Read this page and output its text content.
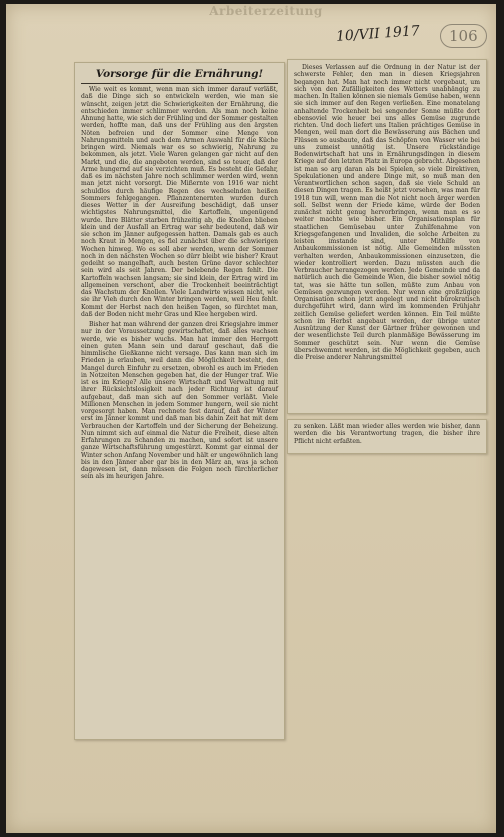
Arbeiterzeitung
10/VII 1917	106
Vorsorge für die Ernährung!

Wie weit es kommt, wenn man sich immer darauf verläßt, daß die Dinge sich so entwickeln werden, wie man sie wünscht, zeigen jetzt die Schwierigkeiten der Ernährung, die entschieden immer schlimmer werden. Als man noch keine Ahnung hatte, wie sich der Frühling und der Sommer gestalten werden, hoffte man, daß uns der Frühling aus den ärgsten Nöten befreien und der Sommer eine Menge von Nahrungsmitteln und auch dem Armen Auswahl für die Küche bringen wird. Niemals war es so schwierig, Nahrung zu bekommen, als jetzt. Viele Waren gelangen gar nicht auf den Markt, und die, die angeboten werden, sind so teuer, daß der Arme hungernd auf sie verzichten muß. Es besteht die Gefahr, daß es im nächsten Jahre noch schlimmer werden wird, wenn man jetzt nicht vorsorgt. Die Mißernte von 1916 war nicht schuldlos durch häufige Regen des wechselnden heißen Sommers fehlgegangen. Pflanzentenernten wurden durch dieses Wetter in der Ausreifung beschädigt, daß unser wichtigstes Nahrungsmittel, die Kartoffeln, ungenügend wurde. Ihre Blätter starben frühzeitig ab, die Knollen blieben klein und der Ausfall an Ertrag war sehr bedeutend, daß wir sie schon im Jänner aufgegessen hatten. Damals gab es auch noch Kraut in Mengen, es fiel zunächst über die schwierigen Wochen hinweg. Wo es soll aber werden, wenn der Sommer noch in den nächsten Wochen so dürr bleibt wie bisher? Kraut gedeiht so mangelhaft, auch besten Grüne davor schlechter sein wird als seit Jahren. Der belebende Regen fehlt. Die Kartoffeln wachsen langsam; sie sind klein, der Ertrag wird im allgemeinen verschont, aber die Trockenheit beeinträchtigt das Wachstum der Knollen. Viele Landwirte wissen nicht, wie sie ihr Vieh durch den Winter bringen werden, weil Heu fehlt. Kommt der Herbst nach den heißen Tagen, so fürchtet man, daß der Boden nicht mehr Gras und Klee hergeben wird.

Bisher hat man während der ganzen drei Kriegsjahre immer nur in der Voraussetzung gewirtschaftet, daß alles wachsen werde, wie es bisher wuchs. Man hat immer den Herrgott einen guten Mann sein und darauf geschaut, daß die himmlische Gießkanne nicht versage. Das kann man sich im Frieden ja erlauben, weil dann die Möglichkeit besteht, den Mangel durch Einfuhr zu ersetzen, obwohl es auch im Frieden in Notzeiten Menschen gegeben hat, die der Hunger traf. Wie ist es im Kriege? Alle unsere Wirtschaft und Verwaltung mit ihrer Rücksichtslosigkeit nach jeder Richtung ist darauf aufgebaut, daß man sich auf den Sommer verläßt. Viele Millionen Menschen in jedem Sommer hungern, weil sie nicht vorgesorgt haben. Man rechnete fest darauf, daß der Winter erst im Jänner kommt und daß man bis dahin Zeit hat mit dem Verbrauchen der Kartoffeln und der Sicherung der Beheizung. Nun nimmt sich auf einmal die Natur die Freiheit, diese alten Erfahrungen zu Schanden zu machen, und sofort ist unsere ganze Wirtschaftsführung umgestürzt. Kommt gar einmal der Winter schon Anfang November und hält er ungewöhnlich lang bis in den Jänner aber gar bis in den März an, was ja schon dagewesen ist, dann müssen die Folgen noch fürchterlicher sein als im heurigen Jahre.

Dieses Verlassen auf die Ordnung in der Natur ist der schwerste Fehler, den man in diesen Kriegsjahren begangen hat. Man hat noch immer nicht vorgebaut, um sich von den Zufälligkeiten des Wetters unabhängig zu machen. In Italien können sie niemals Gemüse haben, wenn sie sich immer auf den Regen verließen. Eine monatelang anhaltende Trockenheit bei sengender Sonne müßte dort ebensoviel wie heuer bei uns alles Gemüse zugrunde richten. Und doch liefert uns Italien prächtiges Gemüse in Mengen, weil man dort die Bewässerung aus Bächen und Flüssen so ausbaute, daß das Schöpfen von Wasser wie bei uns zumeist unnötig ist. Unsere rückständige Bodenwirtschaft hat uns in Ernährungsdingen in diesem Kriege auf den letzten Platz in Europa gebracht. Abgesehen ist man so arg daran als bei Spielen, so viele Direktiven, Spekulationen und andere Dinge mit, so muß man den Verantwortlichen schon sagen, daß sie viele Schuld an diesen Dingen tragen. Es heißt jetzt vorsehen, was man für 1918 tun will, wenn man die Not nicht noch ärger werden soll. Selbst wenn der Friede käme, würde der Boden zunächst nicht genug hervorbringen, wenn man es so weiter machte wie bisher. Ein Organisationsplan für staatlichen Gemüsebau unter Zuhilfenahme von Kriegsgefangenen und Invaliden, die solche Arbeiten zu leisten imstande sind, unter Mithilfe von Anbaukommissionen ist nötig. Alle Gemeinden müssten verhalten werden, Anbaukommissionen einzusetzen, die wieder kontrolliert werden. Dazu müssten auch die Verbraucher herangezogen werden. Jede Gemeinde und da natürlich auch die Gemeinde Wien, die bisher sowiel nötig tat, was sie hätte tun sollen, müßte zum Anbau von Gemüsen gezwungen werden. Nur wenn eine großzügige Organisation schon jetzt angelegt und nicht bürokratisch durchgeführt wird, dann wird im kommenden Frühjahr zeitlich Gemüse geliefert werden können. Ein Teil müßte schon im Herbst angebaut werden, der übrige unter Ausnützung der Kunst der Gärtner früher gewonnen und der wesentlichste Teil durch planmäßige Bewässerung im Sommer geschützt sein. Nur wenn die Gemüse überschwemmt werden, ist die Möglichkeit gegeben, auch die Preise anderer Nahrungsmittel

zu senken. Läßt man wieder alles werden wie bisher, dann werden die bis Verantwortung tragen, die bisher ihre Pflicht nicht erfaßten.
